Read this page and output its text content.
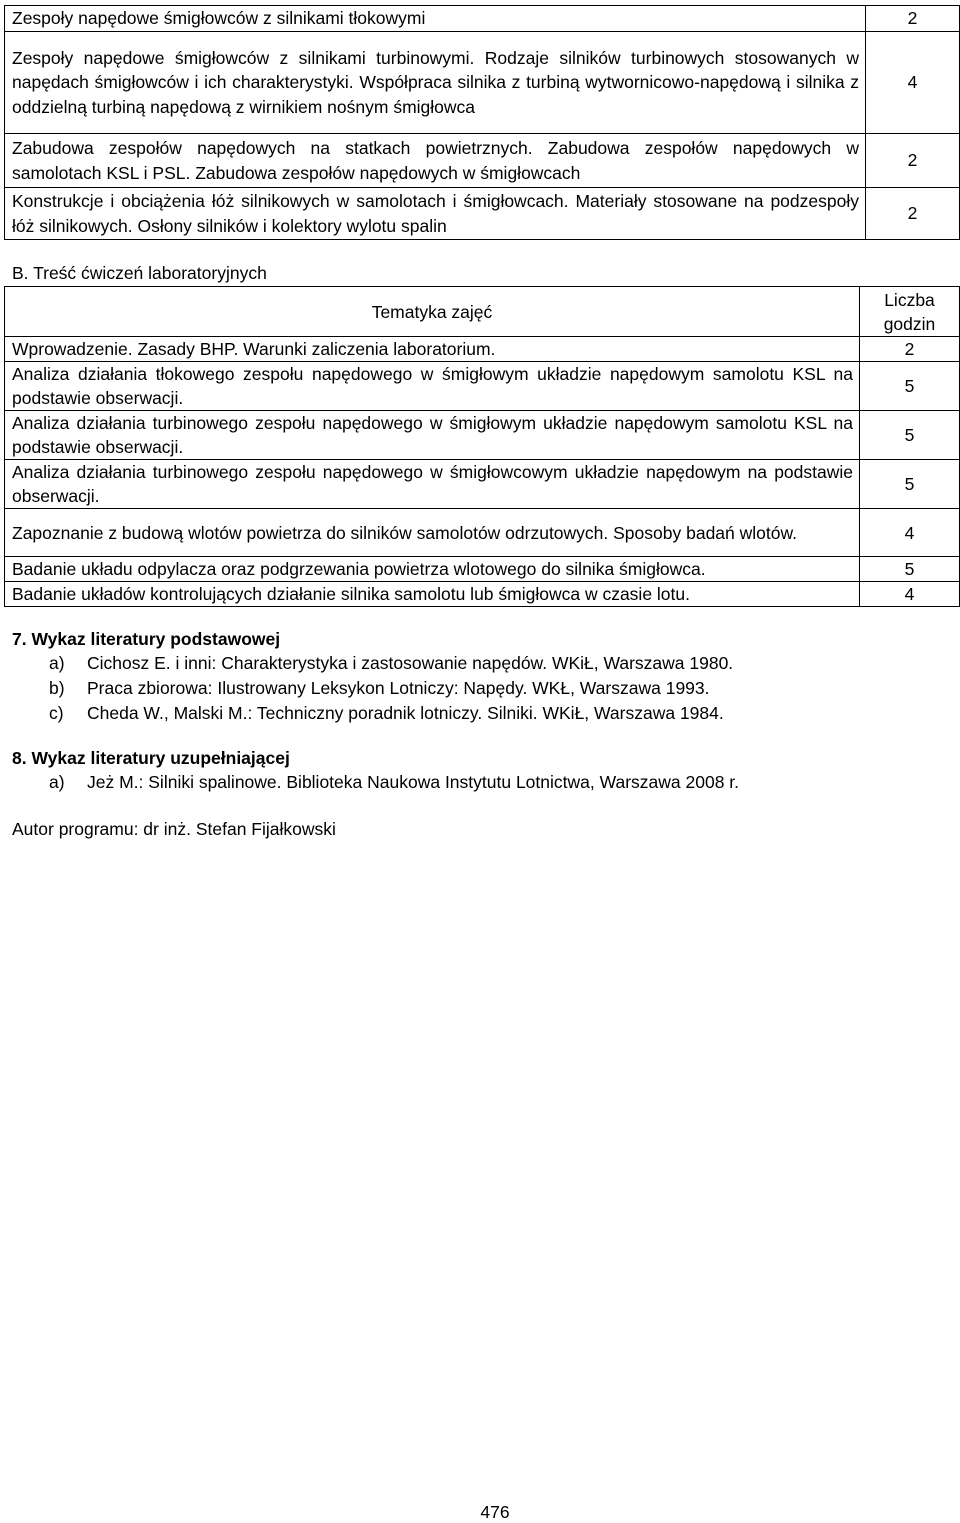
Zespoły napędowe śmigłowców z silnikami tłokowymi	2
Zespoły napędowe śmigłowców z silnikami turbinowymi. Rodzaje silników turbinowych stosowanych w napędach śmigłowców i ich charakterystyki. Współpraca silnika z turbiną wytwornicowo-napędową i silnika z oddzielną turbiną napędową z wirnikiem nośnym śmigłowca	4
Zabudowa zespołów napędowych na statkach powietrznych. Zabudowa zespołów napędowych w samolotach KSL i PSL. Zabudowa zespołów napędowych w śmigłowcach	2
Konstrukcje i obciążenia łóż silnikowych w samolotach i śmigłowcach. Materiały stosowane na podzespoły łóż silnikowych. Osłony silników i kolektory wylotu spalin	2
B. Treść ćwiczeń laboratoryjnych
Tematyka zajęć	Liczba godzin
Wprowadzenie. Zasady BHP. Warunki zaliczenia laboratorium.	2
Analiza działania tłokowego zespołu napędowego w śmigłowym układzie napędowym samolotu KSL na podstawie obserwacji.	5
Analiza działania turbinowego zespołu napędowego w śmigłowym układzie napędowym samolotu KSL na podstawie obserwacji.	5
Analiza działania turbinowego zespołu napędowego w śmigłowcowym układzie napędowym na podstawie obserwacji.	5
Zapoznanie z budową wlotów powietrza do silników samolotów odrzutowych. Sposoby badań wlotów.	4
Badanie układu odpylacza oraz podgrzewania powietrza wlotowego do silnika śmigłowca.	5
Badanie układów kontrolujących działanie silnika samolotu lub śmigłowca w czasie lotu.	4
7. Wykaz literatury podstawowej
a) Cichosz E. i inni: Charakterystyka i zastosowanie napędów. WKiŁ, Warszawa 1980.
b) Praca zbiorowa: Ilustrowany Leksykon Lotniczy: Napędy. WKŁ, Warszawa 1993.
c) Cheda W., Malski M.: Techniczny poradnik lotniczy. Silniki. WKiŁ, Warszawa 1984.
8. Wykaz literatury uzupełniającej
a) Jeż M.: Silniki spalinowe. Biblioteka Naukowa Instytutu Lotnictwa, Warszawa 2008 r.
Autor programu: dr inż. Stefan Fijałkowski
476
